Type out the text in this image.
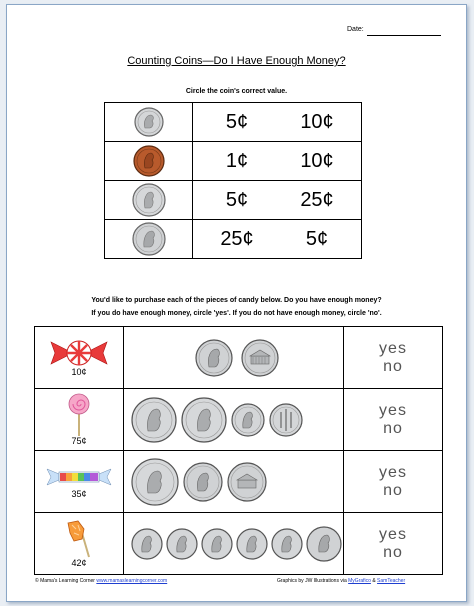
Date:
Counting Coins—Do I Have Enough Money?
Circle the coin's correct value.
	5¢ 10¢

	1¢ 10¢

	5¢ 25¢

	25¢ 5¢
You'd like to purchase each of the pieces of candy below. Do you have enough money?
If you do have enough money, circle 'yes'. If you do not have enough money, circle 'no'.
10¢		yesno

75¢		yesno

35¢		yesno

42¢		yesno
© Mama's Learning Corner www.mamaslearningcorner.com	Graphics by JW Illustrations via MyGrafico & SamTeacher
